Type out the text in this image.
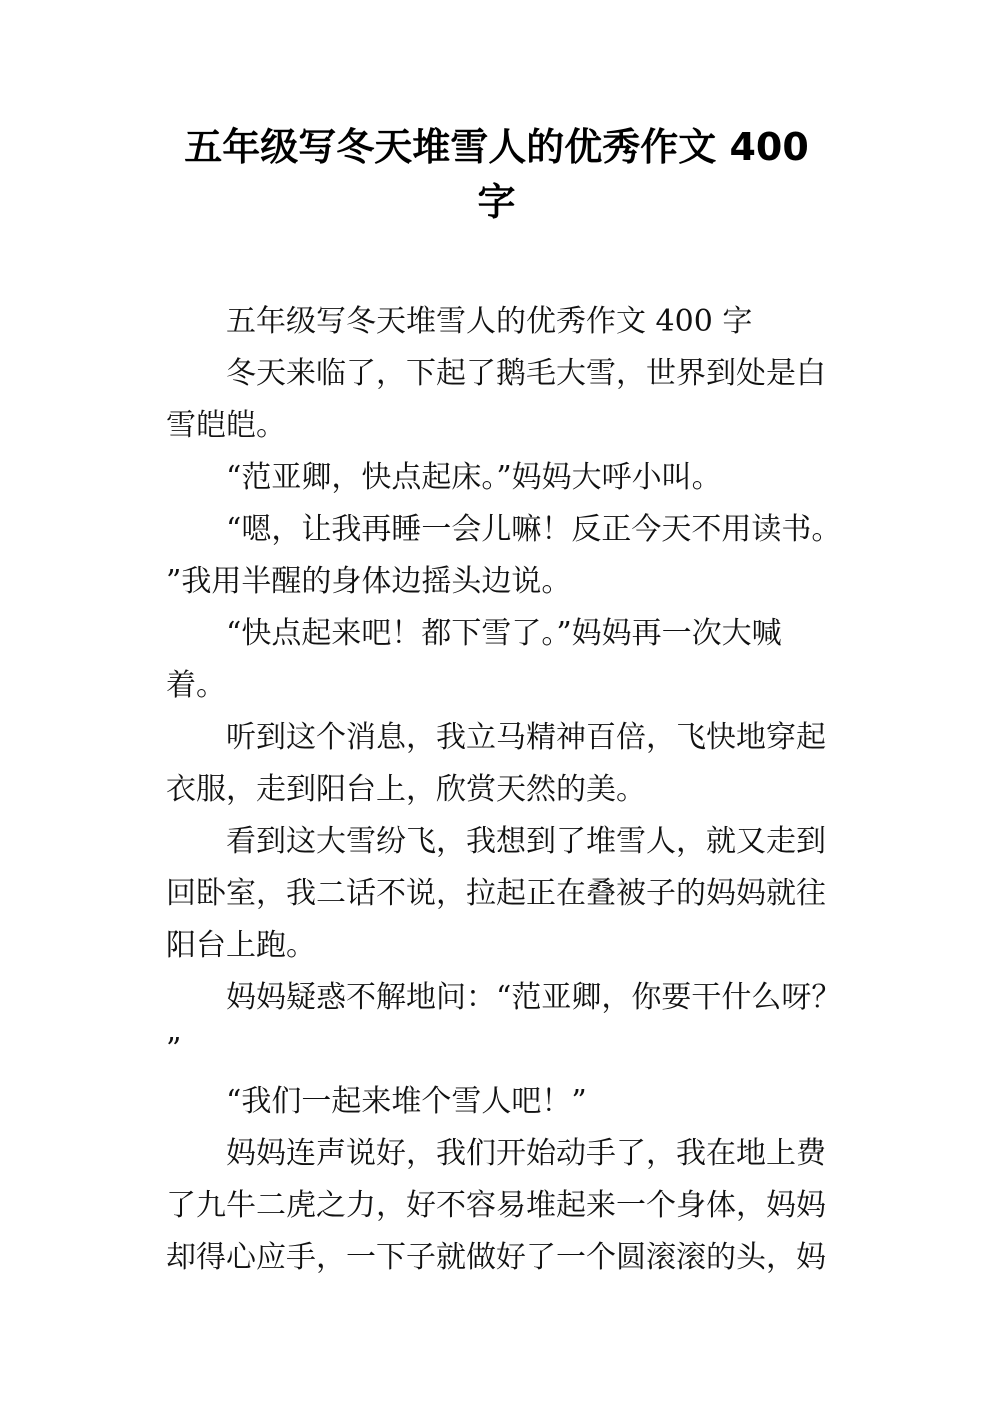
五年级写冬天堆雪人的优秀作文 400
字
五年级写冬天堆雪人的优秀作文 400 字
冬天来临了，下起了鹅毛大雪，世界到处是白
雪皑皑。
“范亚卿，快点起床。”妈妈大呼小叫。
“嗯，让我再睡一会儿嘛！反正今天不用读书。
”我用半醒的身体边摇头边说。
“快点起来吧！都下雪了。”妈妈再一次大喊
着。
听到这个消息，我立马精神百倍，飞快地穿起
衣服，走到阳台上，欣赏天然的美。
看到这大雪纷飞，我想到了堆雪人，就又走到
回卧室，我二话不说，拉起正在叠被子的妈妈就往
阳台上跑。
妈妈疑惑不解地问：“范亚卿，你要干什么呀？
”
“我们一起来堆个雪人吧！”
妈妈连声说好，我们开始动手了，我在地上费
了九牛二虎之力，好不容易堆起来一个身体，妈妈
却得心应手，一下子就做好了一个圆滚滚的头，妈
